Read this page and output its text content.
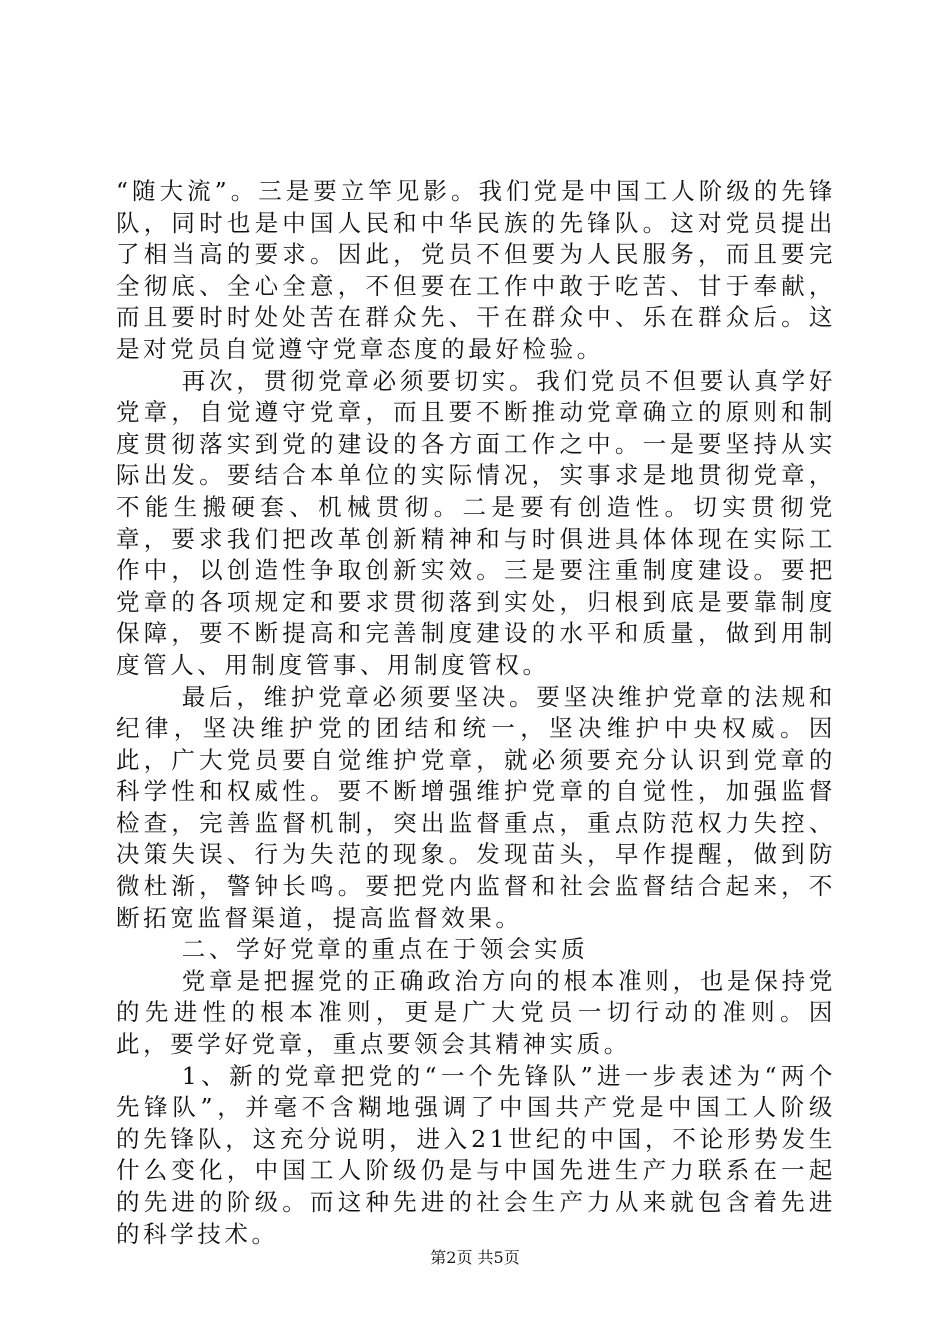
“随大流”。三是要立竿见影。我们党是中国工人阶级的先锋队，同时也是中国人民和中华民族的先锋队。这对党员提出了相当高的要求。因此，党员不但要为人民服务，而且要完全彻底、全心全意，不但要在工作中敢于吃苦、甘于奉献，而且要时时处处苦在群众先、干在群众中、乐在群众后。这是对党员自觉遵守党章态度的最好检验。

再次，贯彻党章必须要切实。我们党员不但要认真学好党章，自觉遵守党章，而且要不断推动党章确立的原则和制度贯彻落实到党的建设的各方面工作之中。一是要坚持从实际出发。要结合本单位的实际情况，实事求是地贯彻党章，不能生搬硬套、机械贯彻。二是要有创造性。切实贯彻党章，要求我们把改革创新精神和与时俱进具体体现在实际工作中，以创造性争取创新实效。三是要注重制度建设。要把党章的各项规定和要求贯彻落到实处，归根到底是要靠制度保障，要不断提高和完善制度建设的水平和质量，做到用制度管人、用制度管事、用制度管权。

最后，维护党章必须要坚决。要坚决维护党章的法规和纪律，坚决维护党的团结和统一，坚决维护中央权威。因此，广大党员要自觉维护党章，就必须要充分认识到党章的科学性和权威性。要不断增强维护党章的自觉性，加强监督检查，完善监督机制，突出监督重点，重点防范权力失控、决策失误、行为失范的现象。发现苗头，早作提醒，做到防微杜渐，警钟长鸣。要把党内监督和社会监督结合起来，不断拓宽监督渠道，提高监督效果。

二、学好党章的重点在于领会实质

党章是把握党的正确政治方向的根本准则，也是保持党的先进性的根本准则，更是广大党员一切行动的准则。因此，要学好党章，重点要领会其精神实质。

1、新的党章把党的“一个先锋队”进一步表述为“两个先锋队”，并毫不含糊地强调了中国共产党是中国工人阶级的先锋队，这充分说明，进入21世纪的中国，不论形势发生什么变化，中国工人阶级仍是与中国先进生产力联系在一起的先进的阶级。而这种先进的社会生产力从来就包含着先进的科学技术。

第2页 共5页
